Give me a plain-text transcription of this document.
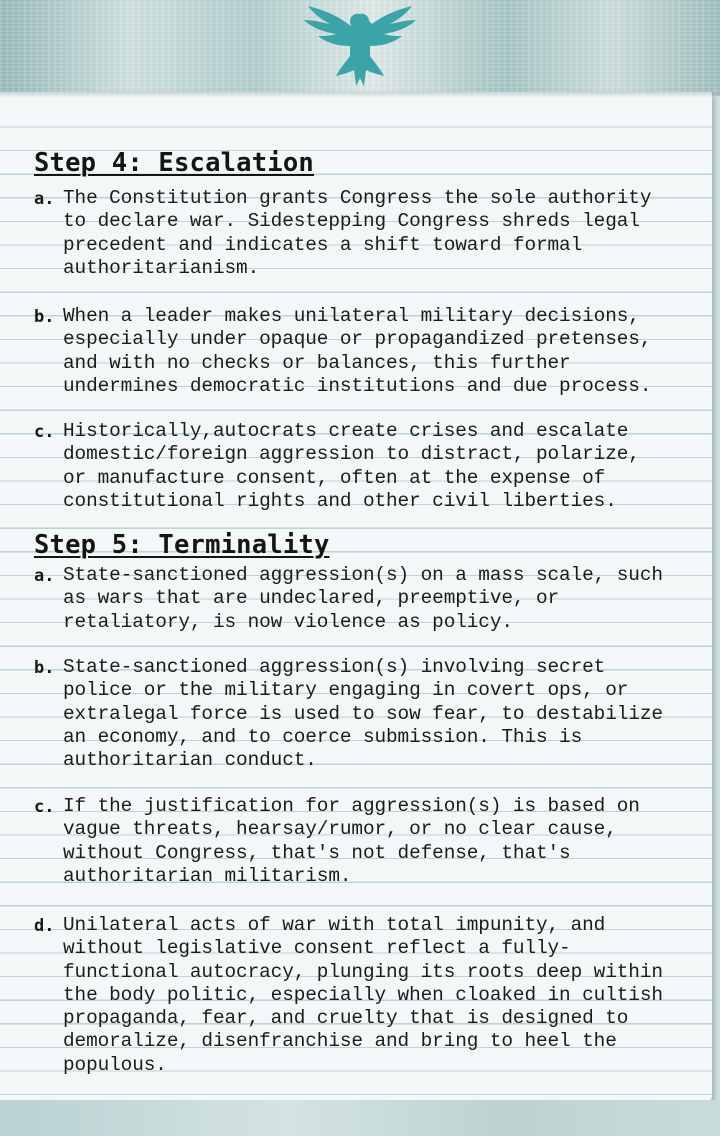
Step 4: Escalation
a. The Constitution grants Congress the sole authority
to declare war. Sidestepping Congress shreds legal
precedent and indicates a shift toward formal
authoritarianism.
b. When a leader makes unilateral military decisions,
especially under opaque or propagandized pretenses,
and with no checks or balances, this further
undermines democratic institutions and due process.
c. Historically,autocrats create crises and escalate
domestic/foreign aggression to distract, polarize,
or manufacture consent, often at the expense of
constitutional rights and other civil liberties.
Step 5: Terminality
a. State-sanctioned aggression(s) on a mass scale, such
as wars that are undeclared, preemptive, or
retaliatory, is now violence as policy.
b. State-sanctioned aggression(s) involving secret
police or the military engaging in covert ops, or
extralegal force is used to sow fear, to destabilize
an economy, and to coerce submission. This is
authoritarian conduct.
c. If the justification for aggression(s) is based on
vague threats, hearsay/rumor, or no clear cause,
without Congress, that's not defense, that's
authoritarian militarism.
d. Unilateral acts of war with total impunity, and
without legislative consent reflect a fully-
functional autocracy, plunging its roots deep within
the body politic, especially when cloaked in cultish
propaganda, fear, and cruelty that is designed to
demoralize, disenfranchise and bring to heel the
populous.
